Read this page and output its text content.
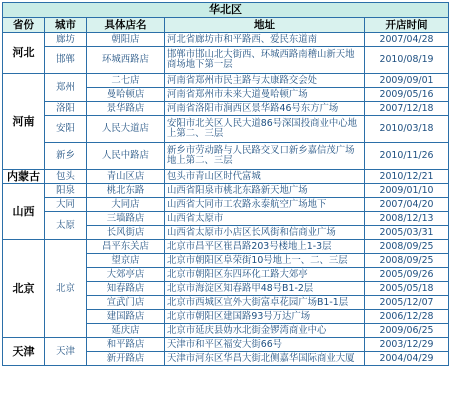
华北区				
省份	城市	具体店名	地址	开店时间
河北	廊坊	朝阳店	河北省廊坊市和平路西、爱民东道南	2007/04/28
	邯郸	环城西路店	邯郸市邯山北大街西、环城西路南稽山新天地商场地下第一层	2010/08/19
河南	郑州	二七店	河南省郑州市民主路与太康路交会处	2009/09/01
		曼哈顿店	河南省郑州市未来大道曼哈顿广场	2009/05/16
	洛阳	景华路店	河南省洛阳市涧西区景华路46号东方广场	2007/12/18
	安阳	人民大道店	安阳市北关区人民大道86号深国投商业中心地上第二、三层	2010/03/18

	新乡	人民中路店	新乡市劳动路与人民路交叉口新乡嘉信茂广场地上第二、三层	2010/11/26

内蒙古	包头	青山区店	包头市青山区时代富城	2010/12/21
山西	阳泉	桃北东路	山西省阳泉市桃北东路新天地广场	2009/01/10
	大同	大同店	山西省大同市工农路永泰航空广场地下	2007/04/20
	太原	三墙路店	山西省太原市	2008/12/13
		长风街店	山西省太原市小店区长风街和信商业广场	2005/03/31
北京	北京	昌平东关店	北京市昌平区崔昌路203号楼地上1-3层	2008/09/25
		望京店	北京市朝阳区阜荣街10号地上一、二、三层	2008/09/25
		大郊亭店	北京市朝阳区东四环化工路大郊亭	2005/09/26
		知春路店	北京市海淀区知春路甲48号B1-2层	2005/05/18
		宣武门店	北京市西城区宣外大街富卓花园广场B1-1层	2005/12/07
		建国路店	北京市朝阳区建国路93号万达广场	2006/12/28
		延庆店	北京市延庆县妫水北街金锣湾商业中心	2009/06/25
天津	天津	和平路店	天津市和平区福安大街66号	2003/12/29
		新开路店	天津市河东区华昌大街北侧嘉华国际商业大厦	2004/04/29
